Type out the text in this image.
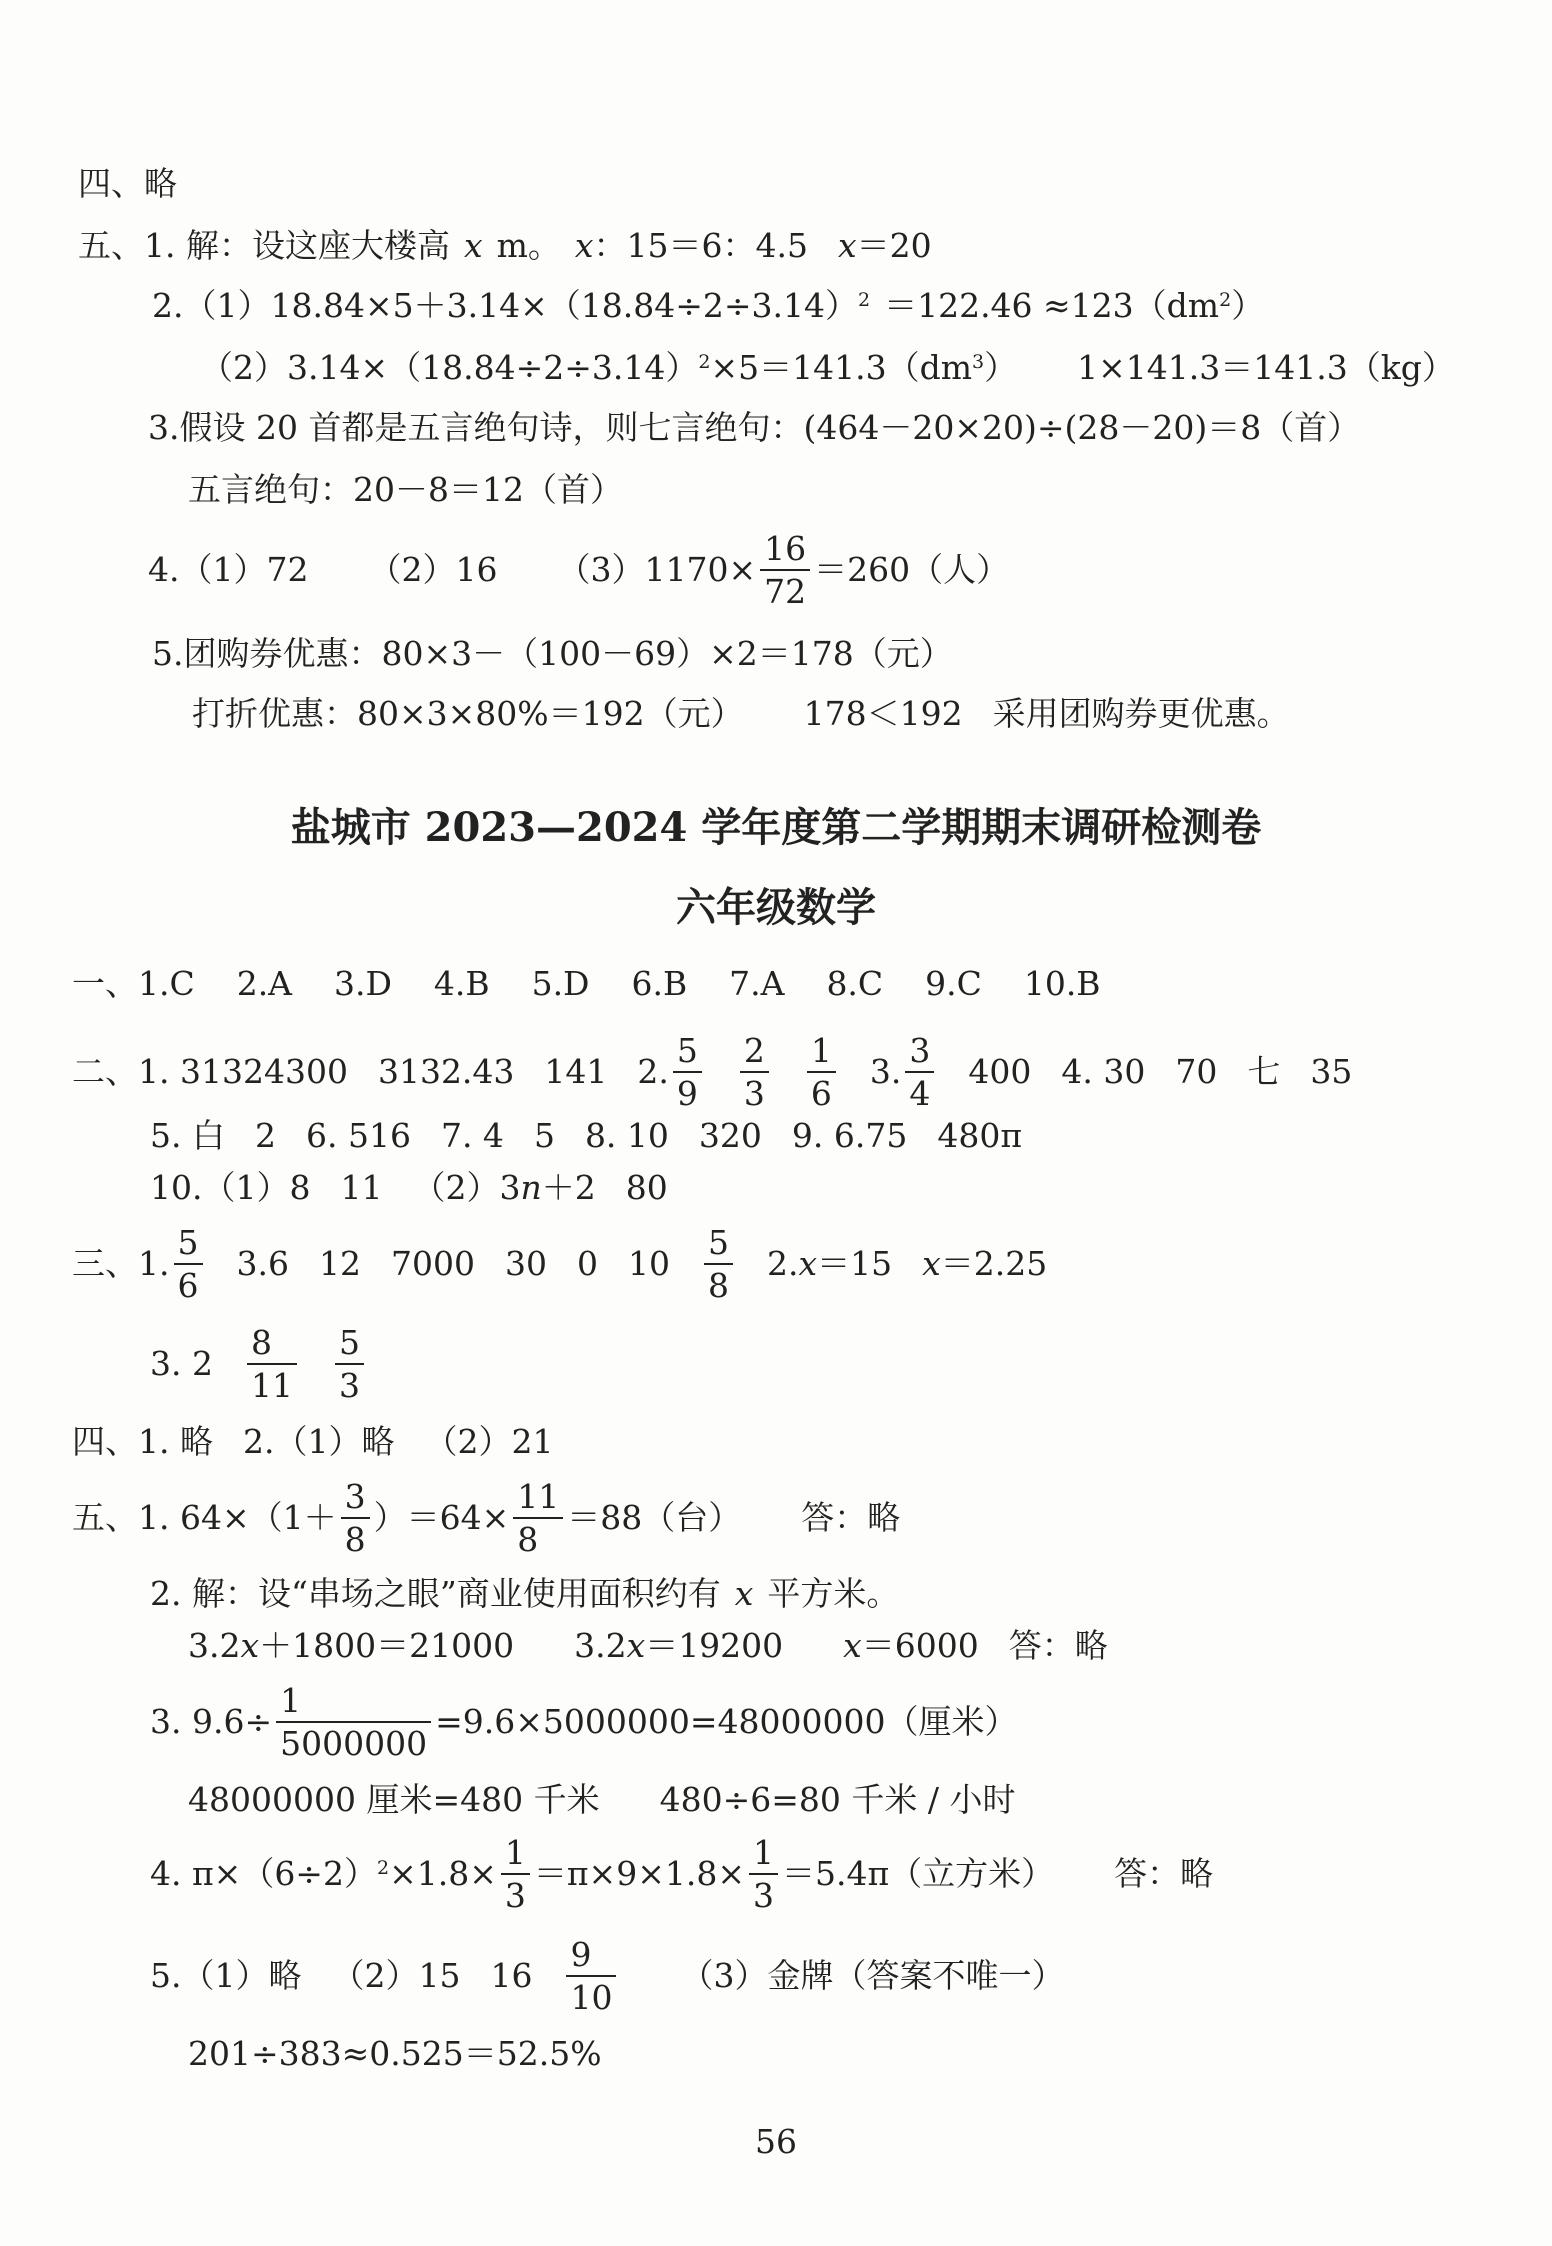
四、略
五、1. 解：设这座大楼高 x m。 x ：15＝6：4.5 x ＝20
$2.(1)18.84\times 5+3.14\times(18.84\div 2\div 3.14)^2 =122.46 \approx 123(dm^2$ ）
$(2)3.14\times(18.84\div 2\div 3.14)^2 \times 5=141.3(dm^3$ ） 1×141.3＝141.3（kg）
3.假设 20 首都是五言绝句诗，则七言绝句：(464－20×20)÷(28－20)＝8（首）
五言绝句：20－8＝12（首）
4.（1）72 （2）16 $(3)1170\times \frac{16}{72} =260$（人）
5.团购券优惠：80×3－（100－69）×2＝178（元）
打折优惠：80×3×80%＝192（元） 178＜192 采用团购券更优惠。
盐城市 2023—2024 学年度第二学期期末调研检测卷
六年级数学
一、1.C    2.A    3.D    4.B    5.D    6.B    7.A    8.C    9.C    10.B
二、1. 31324300 3132.43 141 2. $\frac{5}{9} \frac{2}{3} \frac{1}{6} 3$. $\frac{3}{4} 400$ 4. 30 70 七 35
5. 白 2 6. 516 7. 4 5 8. 10 320 9. 6.75 480π
10.（1）8 11 （2）3 n ＋2 80
三、1. $\frac{5}{6} 3.6$ 12 7000 30 0 $10 \frac{5}{8} 2$. x ＝15 x ＝2.25
3. $2 \frac{8}{11} \frac{5}{3}$
四、1. 略 2.（1）略 （2）21
五、1. $64\times(1+ \frac{3}{8} )=64\times \frac{11}{8} =88$（台） 答：略
2. 解：设“串场之眼”商业使用面积约有 x 平方米。
3.2 x ＋1800＝21000 3.2 x ＝19200 x ＝6000 答：略
3. $9.6\div \frac{1}{5000000} =9.6\times 5000000=48000000$（厘米）
48000000 厘米=480 千米 480÷6=80 千米 / 小时
4. $\pi\times(6\div 2)^2 \times 1.8\times \frac{1}{3} =\pi\times 9\times 1.8\times \frac{1}{3} =5.4\pi$（立方米） 答：略
5.（1）略 （2）15 $16 \frac{9}{10} (3)$金牌（答案不唯一）
201÷383≈0.525＝52.5%
56
